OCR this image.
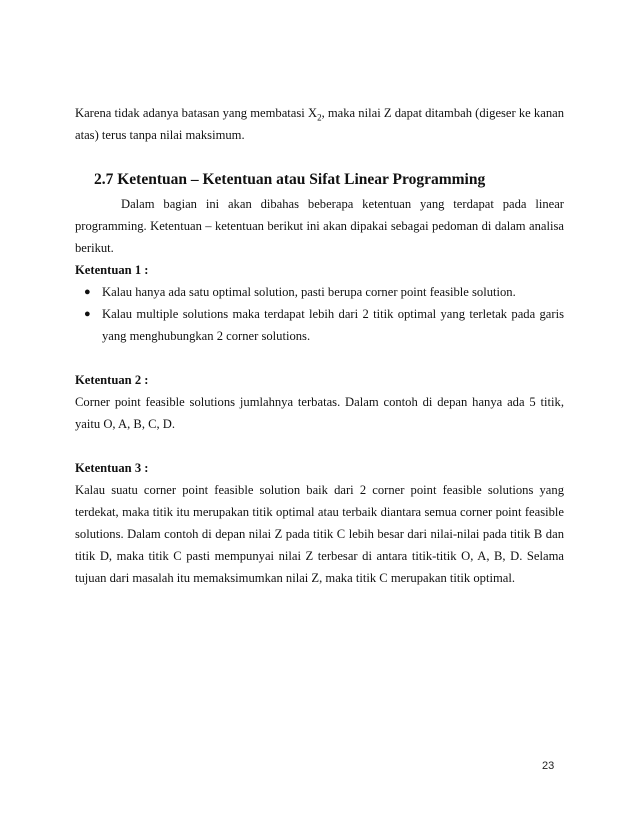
Karena tidak adanya batasan yang membatasi $X_2$, maka nilai Z dapat ditambah (digeser ke kanan atas) terus tanpa nilai maksimum.

2.7 Ketentuan – Ketentuan atau Sifat Linear Programming

Dalam bagian ini akan dibahas beberapa ketentuan yang terdapat pada linear programming. Ketentuan – ketentuan berikut ini akan dipakai sebagai pedoman di dalam analisa berikut.

Ketentuan 1 :
● Kalau hanya ada satu optimal solution, pasti berupa corner point feasible solution.
● Kalau multiple solutions maka terdapat lebih dari 2 titik optimal yang terletak pada garis yang menghubungkan 2 corner solutions.
Ketentuan 2 :

Corner point feasible solutions jumlahnya terbatas. Dalam contoh di depan hanya ada 5 titik, yaitu O, A, B, C, D.

Ketentuan 3 :

Kalau suatu corner point feasible solution baik dari 2 corner point feasible solutions yang terdekat, maka titik itu merupakan titik optimal atau terbaik diantara semua corner point feasible solutions. Dalam contoh di depan nilai Z pada titik C lebih besar dari nilai-nilai pada titik B dan titik D, maka titik C pasti mempunyai nilai Z terbesar di antara titik-titik O, A, B, D. Selama tujuan dari masalah itu memaksimumkan nilai Z, maka titik C merupakan titik optimal.

23
